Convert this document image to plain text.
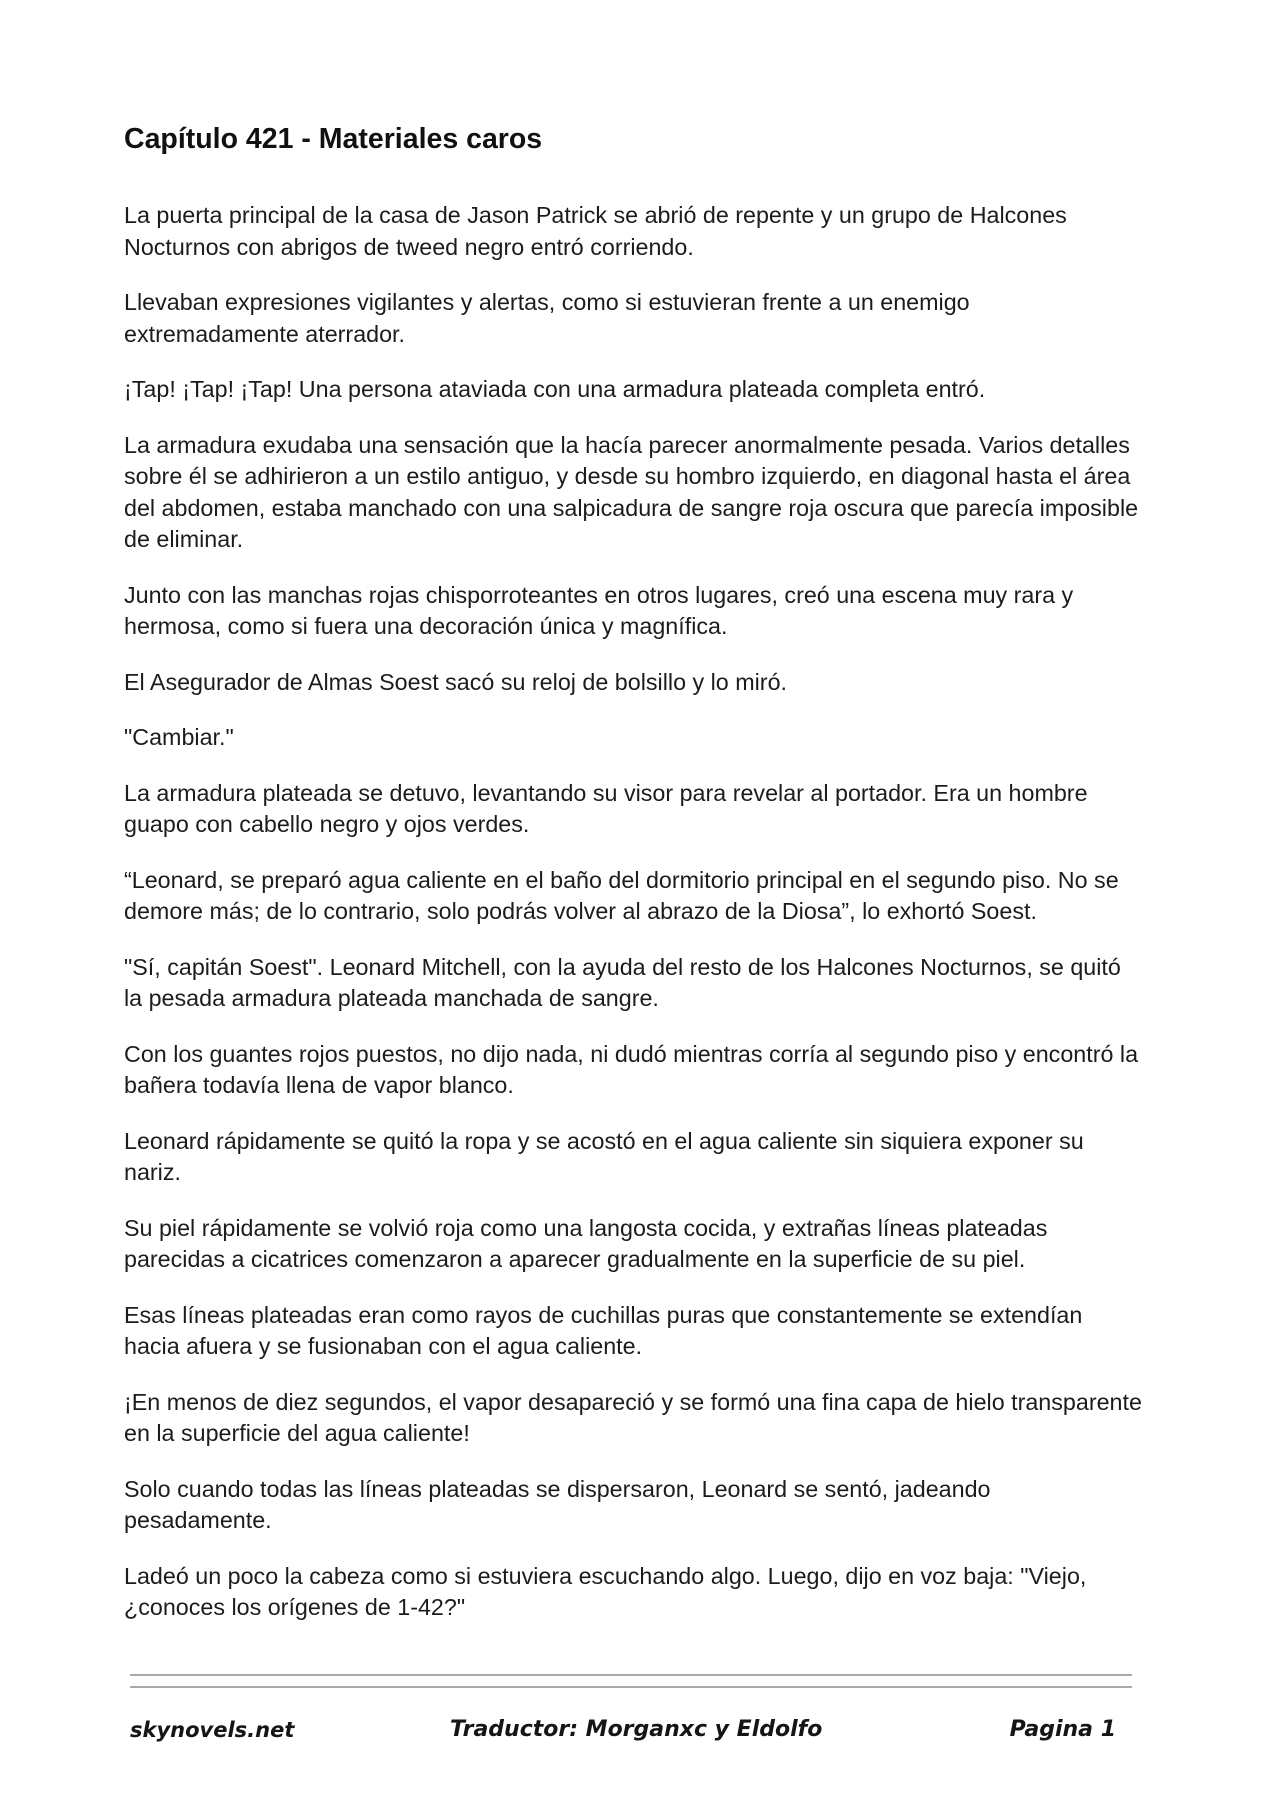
Capítulo 421 - Materiales caros

La puerta principal de la casa de Jason Patrick se abrió de repente y un grupo de Halcones Nocturnos con abrigos de tweed negro entró corriendo.

Llevaban expresiones vigilantes y alertas, como si estuvieran frente a un enemigo extremadamente aterrador.

¡Tap! ¡Tap! ¡Tap! Una persona ataviada con una armadura plateada completa entró.

La armadura exudaba una sensación que la hacía parecer anormalmente pesada. Varios detalles sobre él se adhirieron a un estilo antiguo, y desde su hombro izquierdo, en diagonal hasta el área del abdomen, estaba manchado con una salpicadura de sangre roja oscura que parecía imposible de eliminar.

Junto con las manchas rojas chisporroteantes en otros lugares, creó una escena muy rara y hermosa, como si fuera una decoración única y magnífica.

El Asegurador de Almas Soest sacó su reloj de bolsillo y lo miró.

"Cambiar."

La armadura plateada se detuvo, levantando su visor para revelar al portador. Era un hombre guapo con cabello negro y ojos verdes.

“Leonard, se preparó agua caliente en el baño del dormitorio principal en el segundo piso. No se demore más; de lo contrario, solo podrás volver al abrazo de la Diosa”, lo exhortó Soest.

"Sí, capitán Soest". Leonard Mitchell, con la ayuda del resto de los Halcones Nocturnos, se quitó la pesada armadura plateada manchada de sangre.

Con los guantes rojos puestos, no dijo nada, ni dudó mientras corría al segundo piso y encontró la bañera todavía llena de vapor blanco.

Leonard rápidamente se quitó la ropa y se acostó en el agua caliente sin siquiera exponer su nariz.

Su piel rápidamente se volvió roja como una langosta cocida, y extrañas líneas plateadas parecidas a cicatrices comenzaron a aparecer gradualmente en la superficie de su piel.

Esas líneas plateadas eran como rayos de cuchillas puras que constantemente se extendían hacia afuera y se fusionaban con el agua caliente.

¡En menos de diez segundos, el vapor desapareció y se formó una fina capa de hielo transparente en la superficie del agua caliente!

Solo cuando todas las líneas plateadas se dispersaron, Leonard se sentó, jadeando pesadamente.

Ladeó un poco la cabeza como si estuviera escuchando algo. Luego, dijo en voz baja: "Viejo, ¿conoces los orígenes de 1-42?"

skynovels.net	Traductor: Morganxc y Eldolfo	Pagina 1
